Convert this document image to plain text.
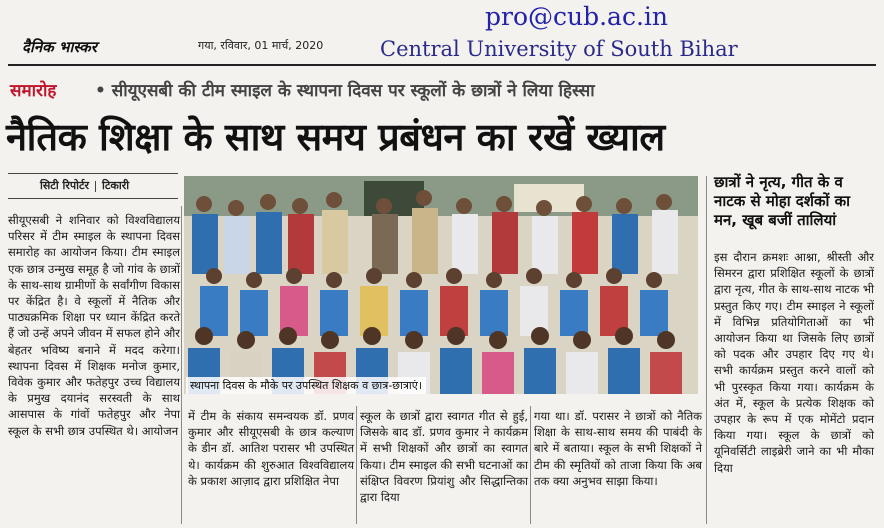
दैनिक भास्कर	गया, रविवार, 01 मार्च, 2020
pro@cub.ac.in
Central University of South Bihar
समारोह • सीयूएसबी की टीम स्माइल के स्थापना दिवस पर स्कूलों के छात्रों ने लिया हिस्सा
नैतिक शिक्षा के साथ समय प्रबंधन का रखें ख्याल
सिटी रिपोर्टर टिकारी
सीयूएसबी ने शनिवार को विश्वविद्यालय परिसर में टीम स्माइल के स्थापना दिवस समारोह का आयोजन किया। टीम स्माइल एक छात्र उन्मुख समूह है जो गांव के छात्रों के साथ-साथ ग्रामीणों के सर्वांगीण विकास पर केंद्रित है। वे स्कूलों में नैतिक और पाठ्यक्रमिक शिक्षा पर ध्यान केंद्रित करते हैं जो उन्हें अपने जीवन में सफल होने और बेहतर भविष्य बनाने में मदद करेगा। स्थापना दिवस में शिक्षक मनोज कुमार, विवेक कुमार और फतेहपुर उच्च विद्यालय के प्रमुख दयानंद सरस्वती के साथ आसपास के गांवों फतेहपुर और नेपा स्कूल के सभी छात्र उपस्थित थे। आयोजन
स्थापना दिवस के मौके पर उपस्थित शिक्षक व छात्र-छात्राएं।
छात्रों ने नृत्य, गीत के व नाटक से मोहा दर्शकों का मन, खूब बजीं तालियां
इस दौरान क्रमशः आश्ना, श्रीस्ती और सिमरन द्वारा प्रशिक्षित स्कूलों के छात्रों द्वारा नृत्य, गीत के साथ-साथ नाटक भी प्रस्तुत किए गए। टीम स्माइल ने स्कूलों में विभिन्न प्रतियोगिताओं का भी आयोजन किया था जिसके लिए छात्रों को पदक और उपहार दिए गए थे। सभी कार्यक्रम प्रस्तुत करने वालों को भी पुरस्कृत किया गया। कार्यक्रम के अंत में, स्कूल के प्रत्येक शिक्षक को उपहार के रूप में एक मोमेंटो प्रदान किया गया। स्कूल के छात्रों को यूनिवर्सिटी लाइब्रेरी जाने का भी मौका दिया
में टीम के संकाय समन्वयक डॉ. प्रणव कुमार और सीयूएसबी के छात्र कल्याण के डीन डॉ. आतिश परासर भी उपस्थित थे। कार्यक्रम की शुरुआत विश्वविद्यालय के प्रकाश आज़ाद द्वारा प्रशिक्षित नेपा
स्कूल के छात्रों द्वारा स्वागत गीत से हुई, जिसके बाद डॉ. प्रणव कुमार ने कार्यक्रम में सभी शिक्षकों और छात्रों का स्वागत किया। टीम स्माइल की सभी घटनाओं का संक्षिप्त विवरण प्रियांशु और सिद्धान्तिका द्वारा दिया
गया था। डॉ. परासर ने छात्रों को नैतिक शिक्षा के साथ-साथ समय की पाबंदी के बारे में बताया। स्कूल के सभी शिक्षकों ने टीम की स्मृतियों को ताजा किया कि अब तक क्या अनुभव साझा किया।
